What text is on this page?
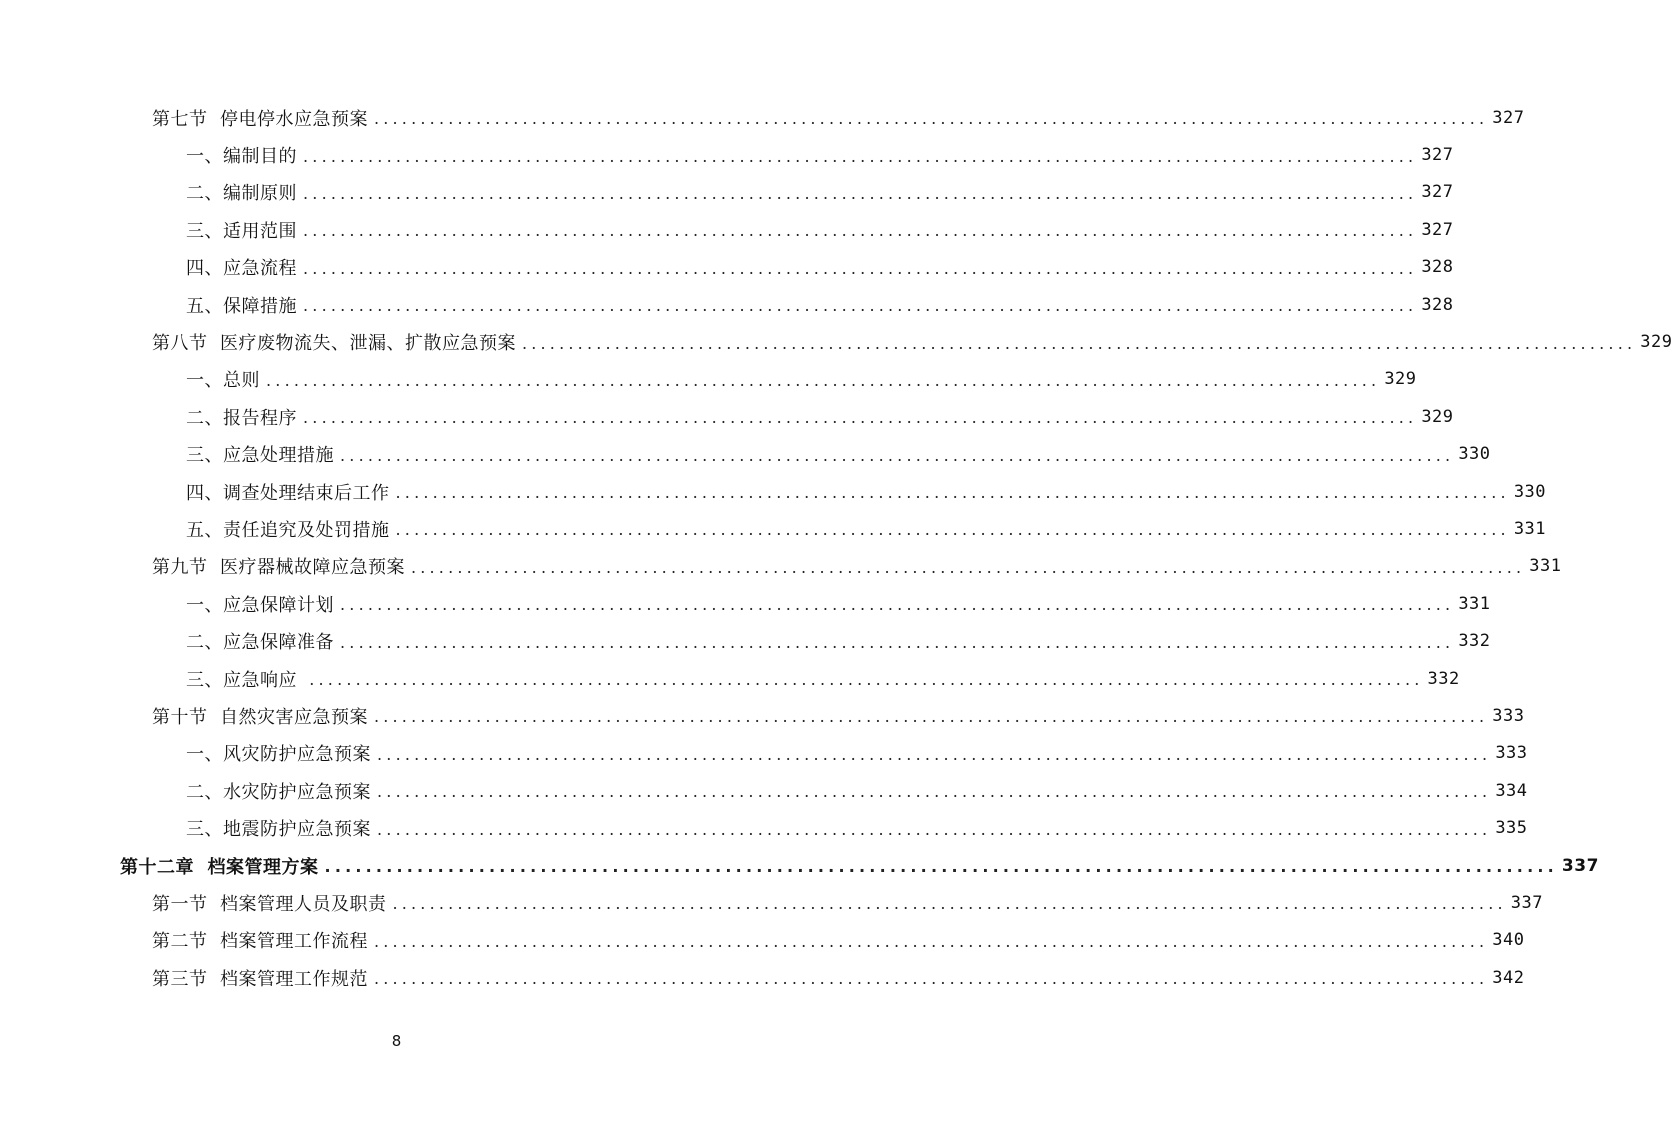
第七节  停电停水应急预案 ........................................................................................................................ 327
一、编制目的 ........................................................................................................................ 327
二、编制原则 ........................................................................................................................ 327
三、适用范围 ........................................................................................................................ 327
四、应急流程 ........................................................................................................................ 328
五、保障措施 ........................................................................................................................ 328
第八节  医疗废物流失、泄漏、扩散应急预案 ........................................................................................................................ 329
一、总则 ........................................................................................................................ 329
二、报告程序 ........................................................................................................................ 329
三、应急处理措施 ........................................................................................................................ 330
四、调查处理结束后工作 ........................................................................................................................ 330
五、责任追究及处罚措施 ........................................................................................................................ 331
第九节  医疗器械故障应急预案 ........................................................................................................................ 331
一、应急保障计划 ........................................................................................................................ 331
二、应急保障准备 ........................................................................................................................ 332
三、应急响应 ........................................................................................................................ 332
第十节  自然灾害应急预案 ........................................................................................................................ 333
一、风灾防护应急预案 ........................................................................................................................ 333
二、水灾防护应急预案 ........................................................................................................................ 334
三、地震防护应急预案 ........................................................................................................................ 335
第十二章  档案管理方案 ........................................................................................................................ 337
第一节  档案管理人员及职责 ........................................................................................................................ 337
第二节  档案管理工作流程 ........................................................................................................................ 340
第三节  档案管理工作规范 ........................................................................................................................ 342
8
